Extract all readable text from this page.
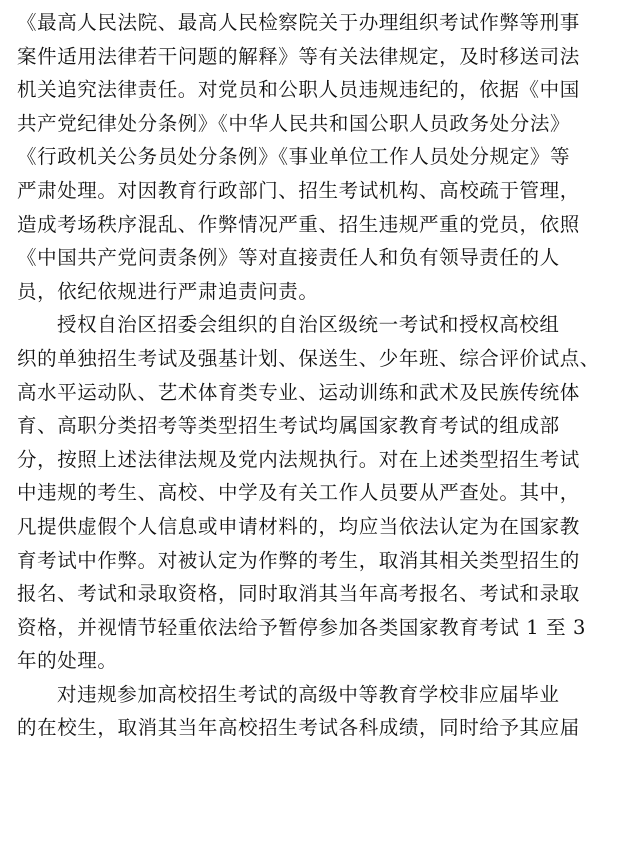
《最高人民法院、最高人民检察院关于办理组织考试作弊等刑事
案件适用法律若干问题的解释》等有关法律规定，及时移送司法
机关追究法律责任。对党员和公职人员违规违纪的，依据《中国
共产党纪律处分条例》《中华人民共和国公职人员政务处分法》
《行政机关公务员处分条例》《事业单位工作人员处分规定》等
严肃处理。对因教育行政部门、招生考试机构、高校疏于管理，
造成考场秩序混乱、作弊情况严重、招生违规严重的党员，依照
《中国共产党问责条例》等对直接责任人和负有领导责任的人
员，依纪依规进行严肃追责问责。
授权自治区招委会组织的自治区级统一考试和授权高校组
织的单独招生考试及强基计划、保送生、少年班、综合评价试点、
高水平运动队、艺术体育类专业、运动训练和武术及民族传统体
育、高职分类招考等类型招生考试均属国家教育考试的组成部
分，按照上述法律法规及党内法规执行。对在上述类型招生考试
中违规的考生、高校、中学及有关工作人员要从严查处。其中，
凡提供虚假个人信息或申请材料的，均应当依法认定为在国家教
育考试中作弊。对被认定为作弊的考生，取消其相关类型招生的
报名、考试和录取资格，同时取消其当年高考报名、考试和录取
资格，并视情节轻重依法给予暂停参加各类国家教育考试 1 至 3
年的处理。
对违规参加高校招生考试的高级中等教育学校非应届毕业
的在校生，取消其当年高校招生考试各科成绩，同时给予其应届
